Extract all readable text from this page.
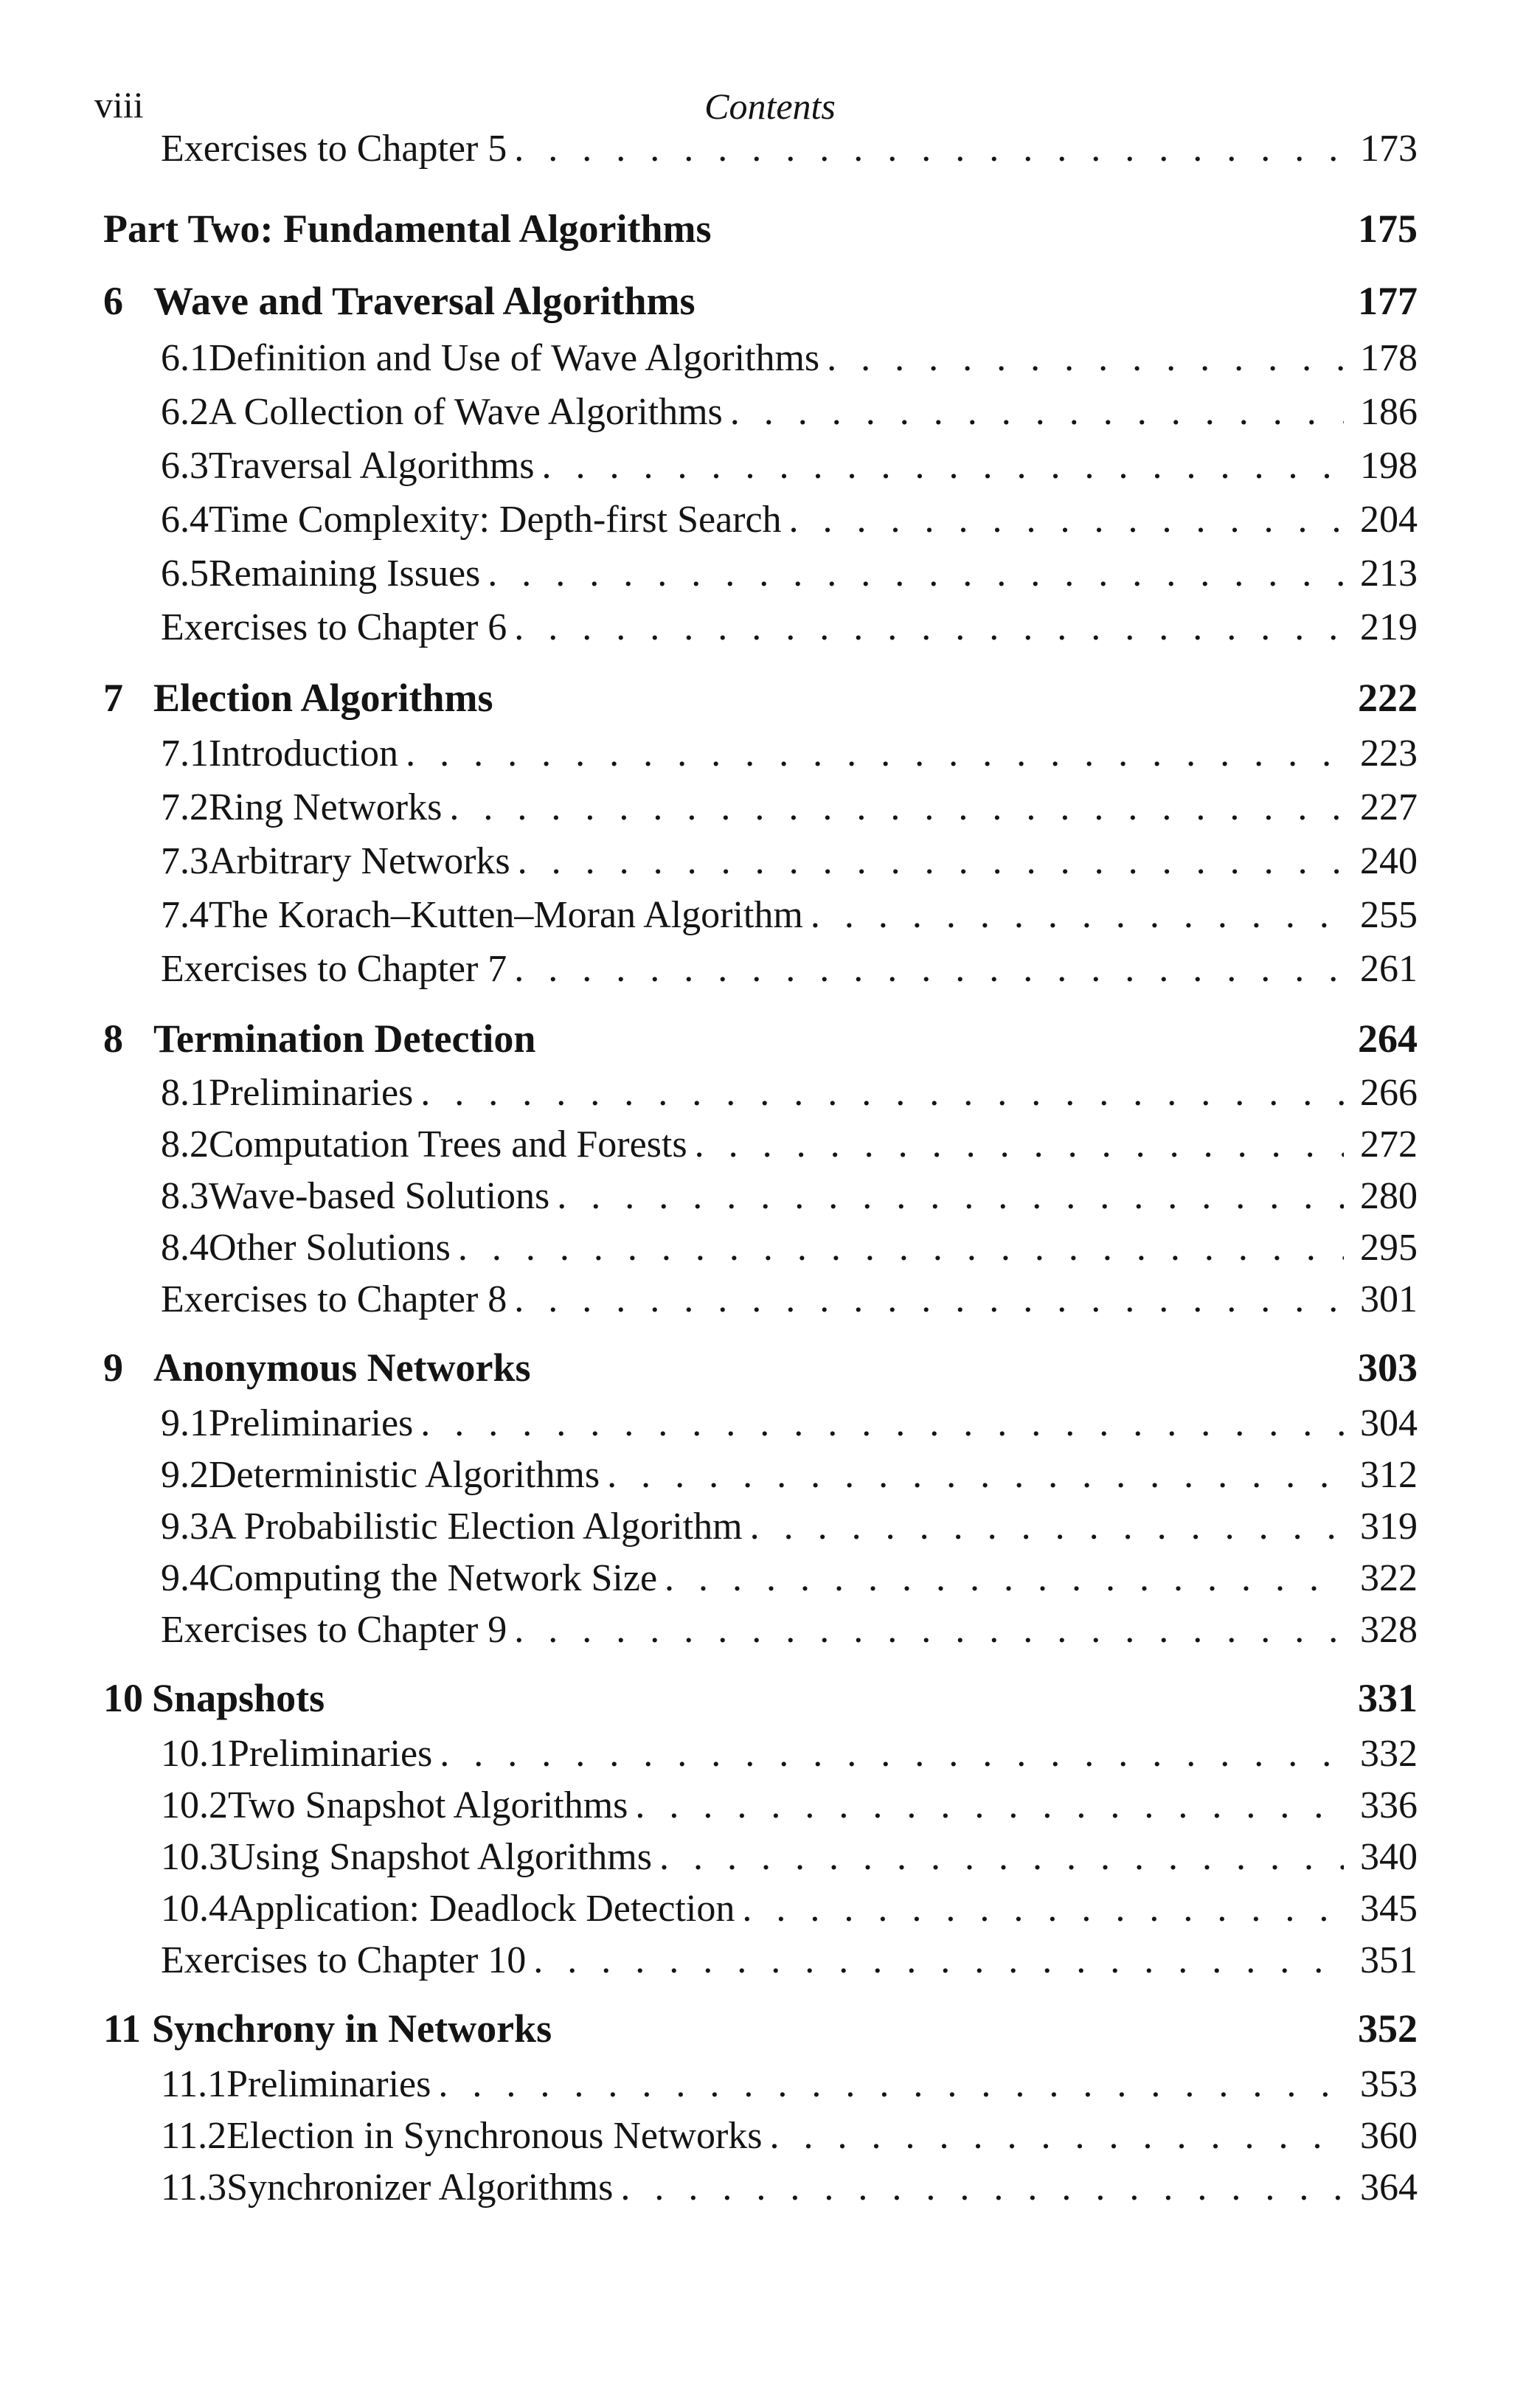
viii	Contents
Exercises to Chapter 5 . . .	173
Part Two: Fundamental Algorithms	175
6 Wave and Traversal Algorithms	177
6.1 Definition and Use of Wave Algorithms . . .	178
6.2 A Collection of Wave Algorithms . . .	186
6.3 Traversal Algorithms . . .	198
6.4 Time Complexity: Depth-first Search . . .	204
6.5 Remaining Issues . . .	213
Exercises to Chapter 6 . . .	219
7 Election Algorithms	222
7.1 Introduction . . .	223
7.2 Ring Networks . . .	227
7.3 Arbitrary Networks . . .	240
7.4 The Korach–Kutten–Moran Algorithm . . .	255
Exercises to Chapter 7 . . .	261
8 Termination Detection	264
8.1 Preliminaries . . .	266
8.2 Computation Trees and Forests . . .	272
8.3 Wave-based Solutions . . .	280
8.4 Other Solutions . . .	295
Exercises to Chapter 8 . . .	301
9 Anonymous Networks	303
9.1 Preliminaries . . .	304
9.2 Deterministic Algorithms . . .	312
9.3 A Probabilistic Election Algorithm . . .	319
9.4 Computing the Network Size . . .	322
Exercises to Chapter 9 . . .	328
10 Snapshots	331
10.1 Preliminaries . . .	332
10.2 Two Snapshot Algorithms . . .	336
10.3 Using Snapshot Algorithms . . .	340
10.4 Application: Deadlock Detection . . .	345
Exercises to Chapter 10 . . .	351
11 Synchrony in Networks	352
11.1 Preliminaries . . .	353
11.2 Election in Synchronous Networks . . .	360
11.3 Synchronizer Algorithms . . .	364
